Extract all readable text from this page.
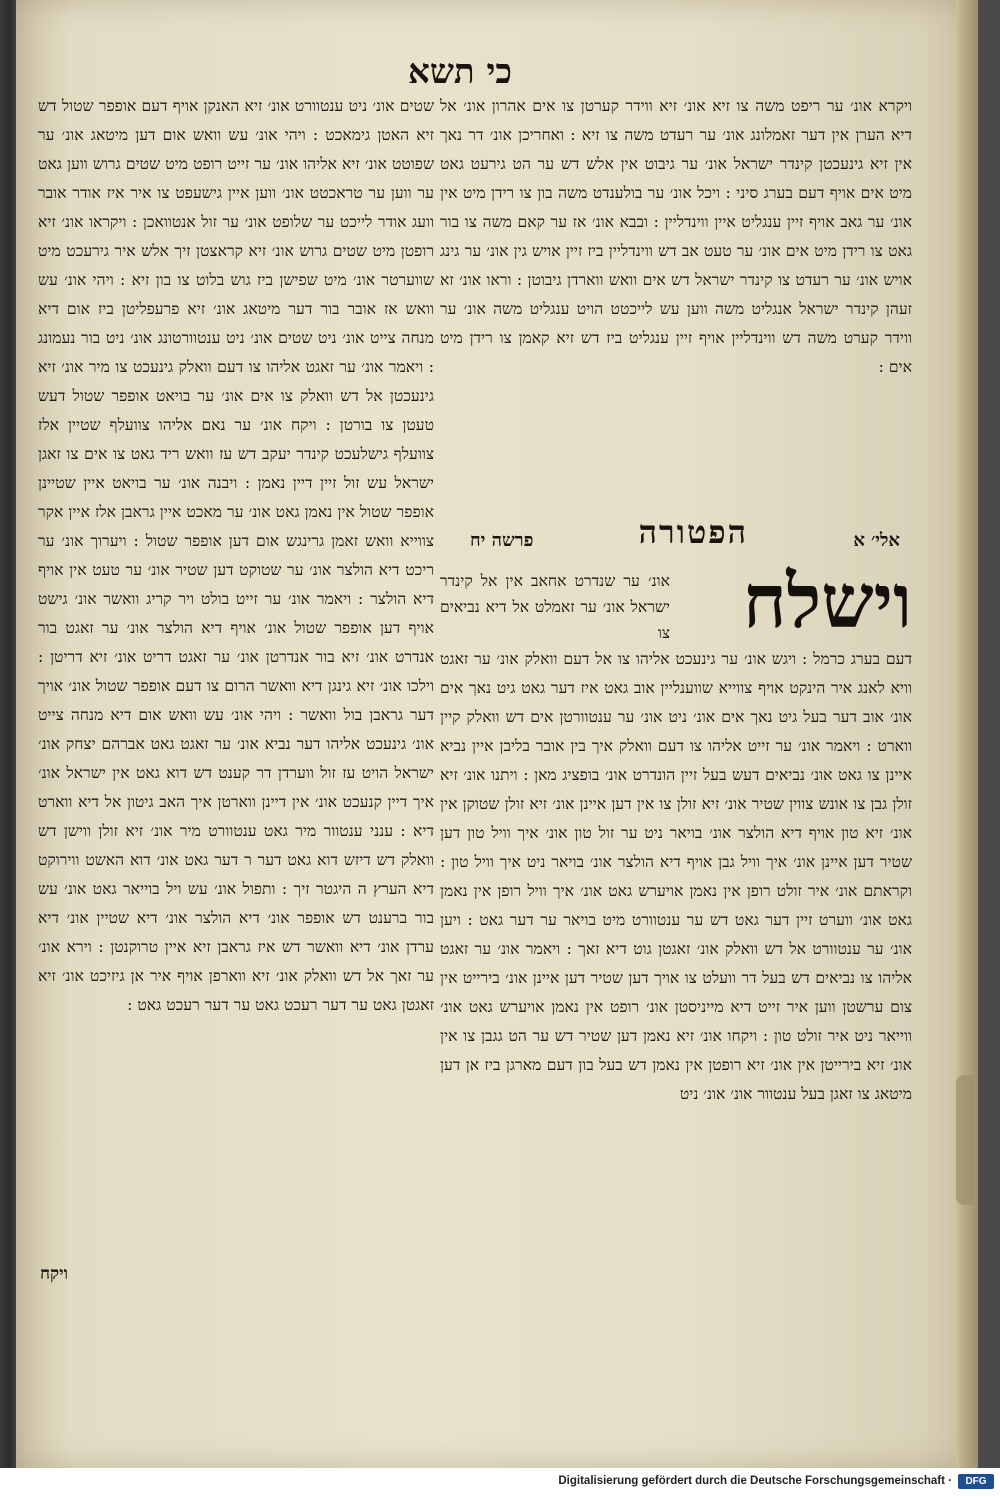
כי תשא
ויקרא אונ׳ ער ריפט משה צו זיא אונ׳ זיא ווידר קערטן צו אים אהרון אונ׳ אל דיא הערן אין דער זאמלונג אונ׳ ער רעדט משה צו זיא : ואחריכן אונ׳ דר נאך אין זיא גינעכטן קינדר ישראל אונ׳ ער גיבוט אין אלש דש ער הט גירעט גאט מיט אים אויף דעם בערג סיני : ויכל אונ׳ ער בולענדט משה בון צו רידן מיט אין אונ׳ ער גאב אויף זיין ענגליט איין ווינדליין : ובבא אונ׳ אז ער קאם משה צו בור גאט צו רידן מיט אים אונ׳ ער טעט אב דש ווינדליין ביז זיין אויש גין אונ׳ ער גינג אויש אונ׳ ער רעדט צו קינדר ישראל דש אים וואש ווארדן גיבוטן : וראו אונ׳ זא זעהן קינדר ישראל אנגליט משה ווען עש לייכטט הויט ענגליט משה אונ׳ ער ווידר קערט משה דש ווינדליין אויף זיין ענגליט ביז דש זיא קאמן צו רידן מיט אים :
אלי׳ א
הפטורה
פרשה יח
וישלח
אונ׳ ער שנדרט אחאב אין אל קינדר ישראל אונ׳ ער זאמלט אל דיא נביאים צו
דעם בערג כרמל : ויגש אונ׳ ער גינעכט אליהו צו אל דעם וואלק אונ׳ ער זאגט וויא לאנג איר הינקט אויף צווייא שווענליין אוב גאט איז דער גאט גיט נאך אים אונ׳ אוב דער בעל גיט נאך אים אונ׳ ניט אונ׳ ער ענטוורטן אים דש וואלק קיין ווארט : ויאמר אונ׳ ער זייט אליהו צו דעם וואלק איך בין אובר בליבן איין נביא איינן צו גאט אונ׳ נביאים דעש בעל זיין הונדרט אונ׳ בופציג מאן : ויתנו אונ׳ זיא זולן גבן צו אונש צווין שטיר אונ׳ זיא זולן צו אין דען איינן אונ׳ זיא זולן שטוקן אין אונ׳ זיא טון אויף דיא הולצר אונ׳ בויאר ניט ער זול טון אונ׳ איך וויל טון דען שטיר דען איינן אונ׳ איך וויל גבן אויף דיא הולצר אונ׳ בויאר ניט איך וויל טון : וקראתם אונ׳ איר זולט רופן אין נאמן אויערש גאט אונ׳ איך וויל רופן אין נאמן גאט אונ׳ ווערט זיין דער גאט דש ער ענטוורט מיט בויאר ער דער גאט : ויען אונ׳ ער ענטוורט אל דש וואלק אונ׳ זאגטן גוט דיא זאך : ויאמר אונ׳ ער זאגט אליהו צו נביאים דש בעל דר וועלט צו אויך דען שטיר דען איינן אונ׳ בירייט אין צום ערשטן ווען איר זייט דיא מייניסטן אונ׳ רופט אין נאמן אויערש גאט אונ׳ ווייאר ניט איר זולט טון : ויקחו אונ׳ זיא נאמן דען שטיר דש ער הט גגבן צו אין אונ׳ זיא בירייטן אין אונ׳ זיא רופטן אין נאמן דש בעל בון דעם מארגן ביז אן דען מיטאג צו זאגן בעל ענטוור אונ׳ אונ׳ ניט
שטים אונ׳ ניט ענטוורט אונ׳ זיא האנקן אויף דעם אופפר שטול דש זיא האטן גימאכט : ויהי אונ׳ עש וואש אום דען מיטאג אונ׳ ער שפוטט אונ׳ זיא אליהו אונ׳ ער זייט רופט מיט שטים גרוש ווען גאט ער ווען ער טראכטט אונ׳ ווען איין גישעפט צו איר איז אודר אובר וועג אודר לייכט ער שלופט אונ׳ ער זול אנטוואכן : ויקראו אונ׳ זיא רופטן מיט שטים גרוש אונ׳ זיא קראצטן זיך אלש איר גירעכט מיט שווערטר אונ׳ מיט שפישן ביז גוש בלוט צו בון זיא : ויהי אונ׳ עש וואש אז אובר בור דער מיטאג אונ׳ זיא פרעפליטן ביז אום דיא מנחה צייט אונ׳ ניט שטים אונ׳ ניט ענטוורטונג אונ׳ ניט בור נעמונג : ויאמר אונ׳ ער זאגט אליהו צו דעם וואלק גינעכט צו מיר אונ׳ זיא גינעכטן אל דש וואלק צו אים אונ׳ ער בויאט אופפר שטול דעש טעטן צו בורטן : ויקח אונ׳ ער נאם אליהו צוועלף שטיין אלז צוועלף גישלעכט קינדר יעקב דש עז וואש ריד גאט צו אים צו זאגן ישראל עש זול זיין דיין נאמן : ויבנה אונ׳ ער בויאט איין שטיינן אופפר שטול אין נאמן גאט אונ׳ ער מאכט איין גראבן אלז איין אקר צווייא וואש זאמן גרינגש אום דען אופפר שטול : ויערוך אונ׳ ער ריכט דיא הולצר אונ׳ ער שטוקט דען שטיר אונ׳ ער טעט אין אויף דיא הולצר : ויאמר אונ׳ ער זייט בולט ויר קריג וואשר אונ׳ גישט אויף דען אופפר שטול אונ׳ אויף דיא הולצר אונ׳ ער זאגט בור אנדרט אונ׳ זיא בור אנדרטן אונ׳ ער זאגט דריט אונ׳ זיא דריטן : וילכו אונ׳ זיא גינגן דיא וואשר הרום צו דעם אופפר שטול אונ׳ אויך דער גראבן בול וואשר : ויהי אונ׳ עש וואש אום דיא מנחה צייט אונ׳ גינעכט אליהו דער נביא אונ׳ ער זאגט גאט אברהם יצחק אונ׳ ישראל הויט עז זול ווערדן דר קענט דש דוא גאט אין ישראל אונ׳ איך דיין קנעכט אונ׳ אין דיינן ווארטן איך האב גיטון אל דיא ווארט דיא : ענני ענטוור מיר גאט ענטוורט מיר אונ׳ זיא זולן ווישן דש וואלק דש דיזש דוא גאט דער ר דער גאט אונ׳ דוא האשט ווירוקט דיא הערץ ה היגטר זיך : ותפול אונ׳ עש ויל בוייאר גאט אונ׳ עש בור ברענט דש אופפר אונ׳ דיא הולצר אונ׳ דיא שטיין אונ׳ דיא ערדן אונ׳ דיא וואשר דש איז גראבן זיא איין טרוקנטן : וירא אונ׳ ער זאך אל דש וואלק אונ׳ זיא ווארפן אויף איר אן גיזיכט אונ׳ זיא זאגטן גאט ער דער רעכט גאט ער דער רעכט גאט :
ויקח
Digitalisierung gefördert durch die Deutsche Forschungsgemeinschaft ·	DFG
